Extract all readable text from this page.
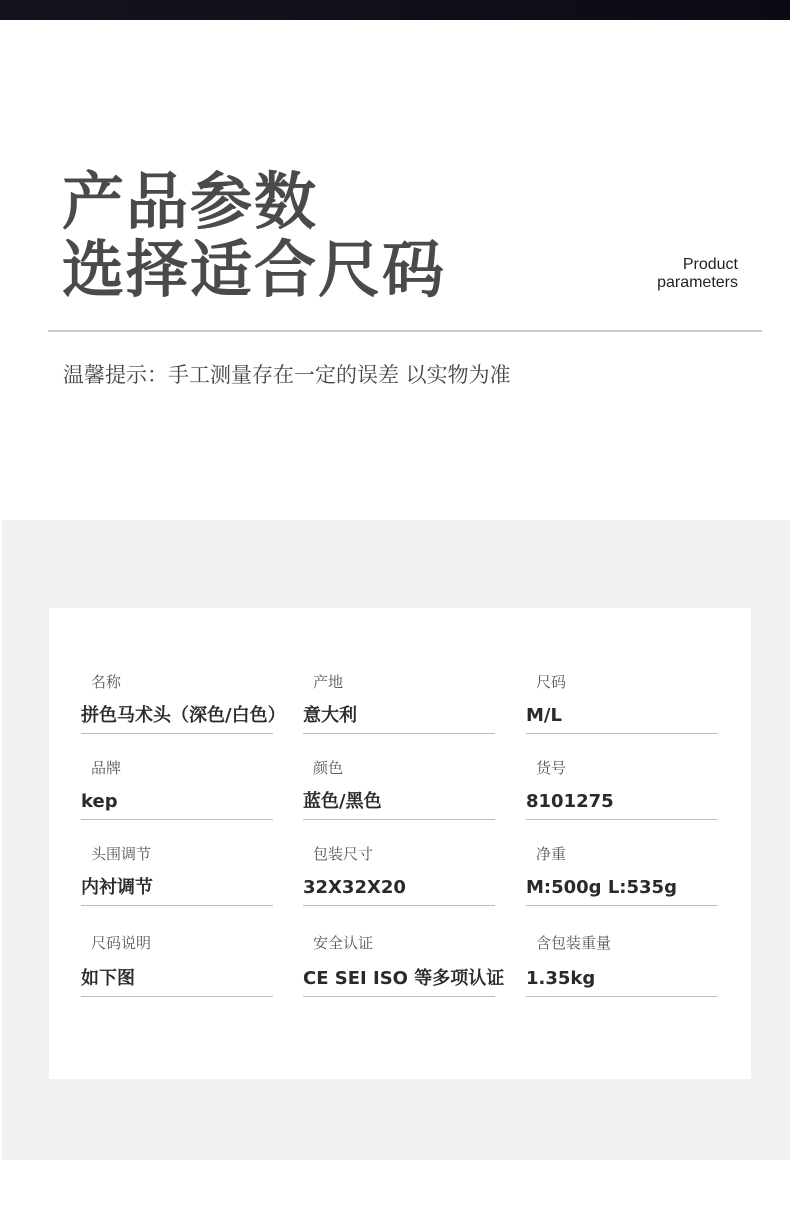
产品参数
选择适合尺码	Product
parameters
温馨提示：手工测量存在一定的误差 以实物为准
名称
拼色马术头（深色/白色）
产地
意大利
尺码
M/L
品牌
kep
颜色
蓝色/黑色
货号
8101275
头围调节
内衬调节
包装尺寸
32X32X20
净重
M:500g L:535g
尺码说明
如下图
安全认证
CE SEI ISO 等多项认证
含包装重量
1.35kg
